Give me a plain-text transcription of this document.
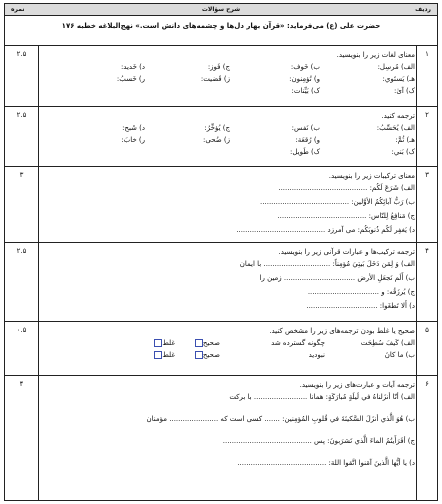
ردیف
شرح سؤالات
نمره
حضرت علی (ع) می‌فرماید: «قرآن بهار دل‌ها و چشمه‌های دانش است.» نهج‌البلاغه خطبه ۱۷۶
۱
۲.۵	معنای لغات زیر را بنویسید.
الف) مُرسِل:
ب) خَوف:
ج) فَوز:
د) خَديد:
هـ) يَستَوي:
و) تُؤمِنون:
ز) قَضيت:
ر) خَسبُ:
ک) آیٰ:
ک) بَیِّنات:
۲
۲.۵	ترجمه کنید.
الف) يُحَسِّبُ:
ب) نَفس:
ج) يُؤخِّرُ:
د) شَبح:
هـ) ثُمَّ:
و) رُقعَة:
ز) ضُحى:
ر) خابَ:
ک) بَني:
ک) طَويل:
۳
۳	معنای ترکیبات زیر را بنویسید.
الف) شَرَعَ لَكُم: ........................................
ب) رَبُّ آبائِكُمُ الأوَّلين: ........................................
ج) مَنافِعُ لِلنّاس: ........................................
د) يَغفِر لَكُم ذُنوبَكُم: می آمرزد ........................................
۴
۲.۵	ترجمه ترکیب‌ها و عبارات قرآنی زیر را بنویسید.
الف) وَ لِمَن دَخَلَ بَيتِيَ مُؤمِناً: .............................. با ایمان
ب) أَلَم نَجعَلِ الأرض ................................ زمین را
ج) يُرزَقُه: و ................................
د) أَلا تَطغَوا: ................................
۵
۰.۵	صحیح یا غلط بودن ترجمه‌های زیر را مشخص کنید.
الف) كَيفَ سُطِحَت
چگونه گسترده شد
صحیح
غلط
ب) ما كانَ
نبودید
صحیح
غلط
۶
۴	ترجمه آیات و عبارت‌های زیر را بنویسید.
الف) أنّا أنزَلناهُ في لَيلَةٍ مُبارَكَةٍ: همانا ........................ با برکت
ب) هُوَ الَّذي أنزَلَ السَّكينَةَ في قُلوبِ المُؤمِنين: ....... کسی است که ...................... مؤمنان
ج) أفَرَأَيتُمُ الماءَ الَّذي تَشرَبونَ: پس ........................................
د) يا أيُّها الَّذينَ آمَنوا اتَّقوا اللهَ: ........................................
